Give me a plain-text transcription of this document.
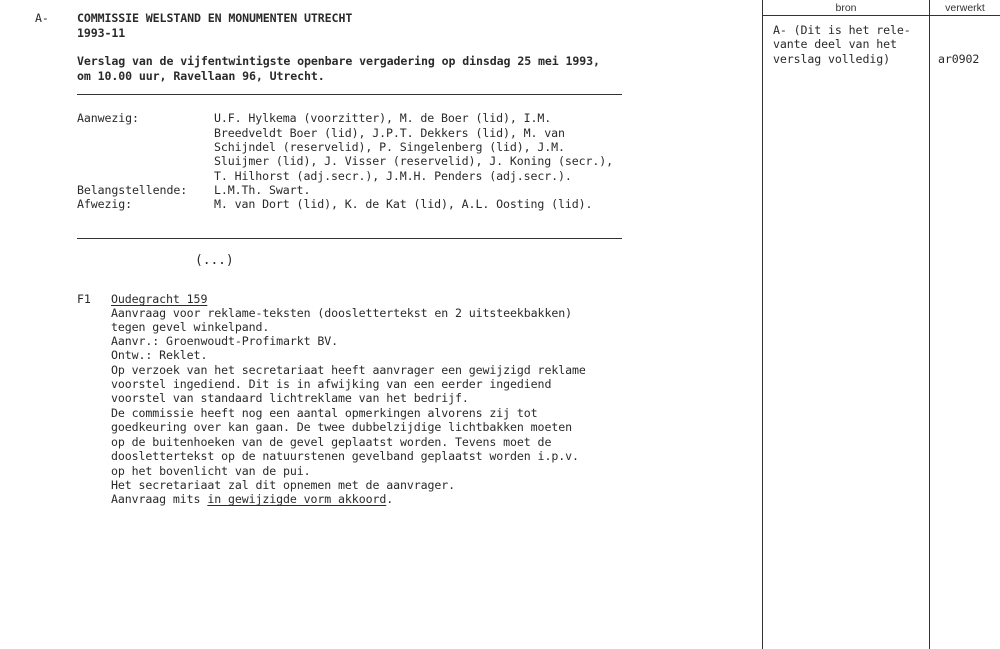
A- COMMISSIE WELSTAND EN MONUMENTEN UTRECHT
1993-11
Verslag van de vijfentwintigste openbare vergadering op dinsdag 25 mei 1993,
om 10.00 uur, Ravellaan 96, Utrecht.
Aanwezig:	U.F. Hylkema (voorzitter), M. de Boer (lid), I.M.
Breedveldt Boer (lid), J.P.T. Dekkers (lid), M. van
Schijndel (reservelid), P. Singelenberg (lid), J.M.
Sluijmer (lid), J. Visser (reservelid), J. Koning (secr.),
T. Hilhorst (adj.secr.), J.M.H. Penders (adj.secr.).
Belangstellende: L.M.Th. Swart.
Afwezig:	M. van Dort (lid), K. de Kat (lid), A.L. Oosting (lid).
(...)
F1 Oudegracht 159
Aanvraag voor reklame-teksten (dooslettertekst en 2 uitsteekbakken)
tegen gevel winkelpand.
Aanvr.: Groenwoudt-Profimarkt BV.
Ontw.: Reklet.
Op verzoek van het secretariaat heeft aanvrager een gewijzigd reklame
voorstel ingediend. Dit is in afwijking van een eerder ingediend
voorstel van standaard lichtreklame van het bedrijf.
De commissie heeft nog een aantal opmerkingen alvorens zij tot
goedkeuring over kan gaan. De twee dubbelzijdige lichtbakken moeten
op de buitenhoeken van de gevel geplaatst worden. Tevens moet de
dooslettertekst op de natuurstenen gevelband geplaatst worden i.p.v.
op het bovenlicht van de pui.
Het secretariaat zal dit opnemen met de aanvrager.
Aanvraag mits in gewijzigde vorm akkoord.
bron	verwerkt
A- (Dit is het rele-
vante deel van het
verslag volledig)	ar0902
